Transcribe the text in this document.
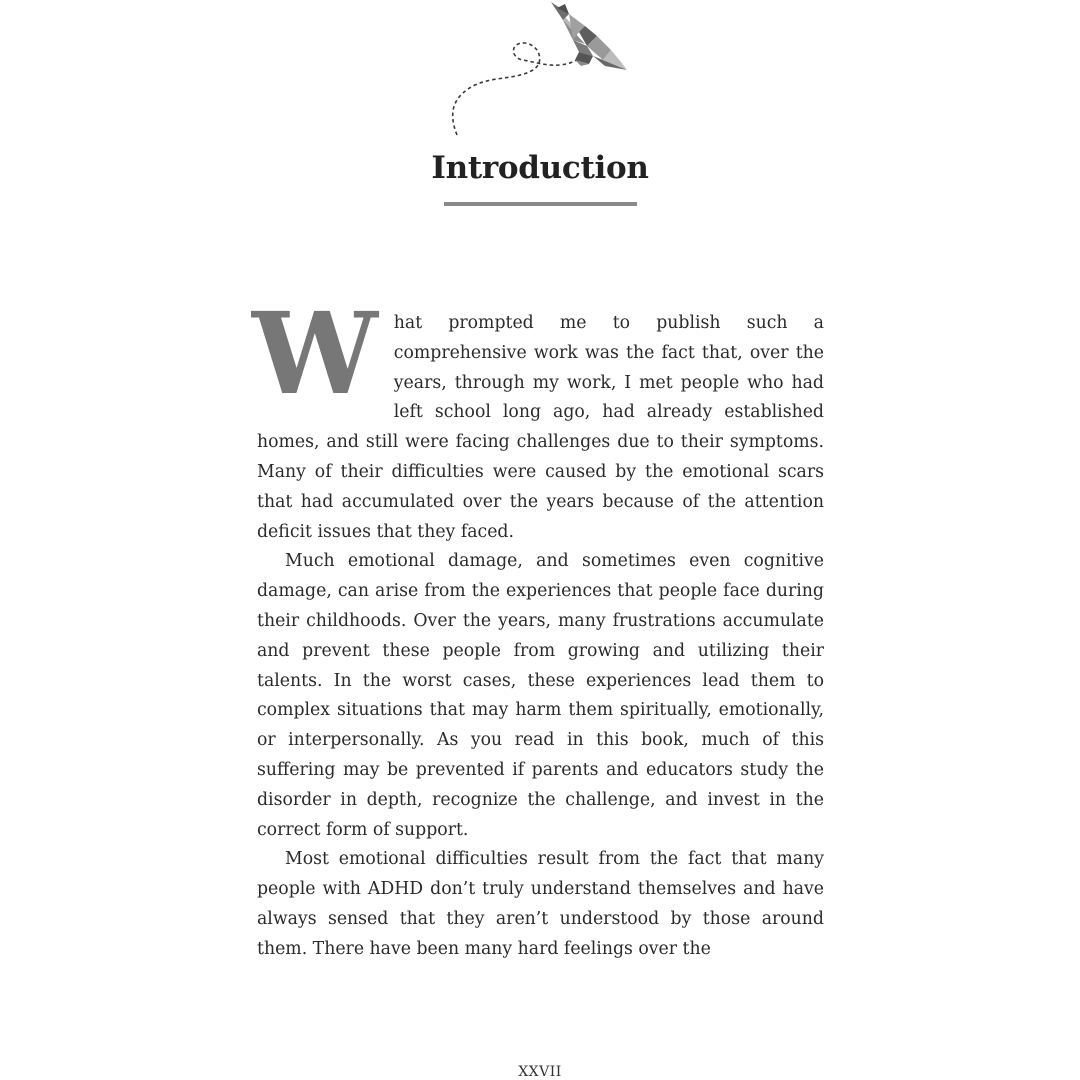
Introduction

What prompted me to publish such a comprehensive work was the fact that, over the years, through my work, I met people who had left school long ago, had already established homes, and still were facing challenges due to their symptoms. Many of their difficulties were caused by the emotional scars that had accumulated over the years because of the attention deficit issues that they faced.

Much emotional damage, and sometimes even cognitive damage, can arise from the experiences that people face during their childhoods. Over the years, many frustrations accumulate and prevent these people from growing and utilizing their talents. In the worst cases, these experiences lead them to complex situations that may harm them spiritually, emotionally, or interpersonally. As you read in this book, much of this suffering may be prevented if parents and educators study the disorder in depth, recognize the challenge, and invest in the correct form of support.

Most emotional difficulties result from the fact that many people with ADHD don’t truly understand themselves and have always sensed that they aren’t understood by those around them. There have been many hard feelings over the

XXVII
